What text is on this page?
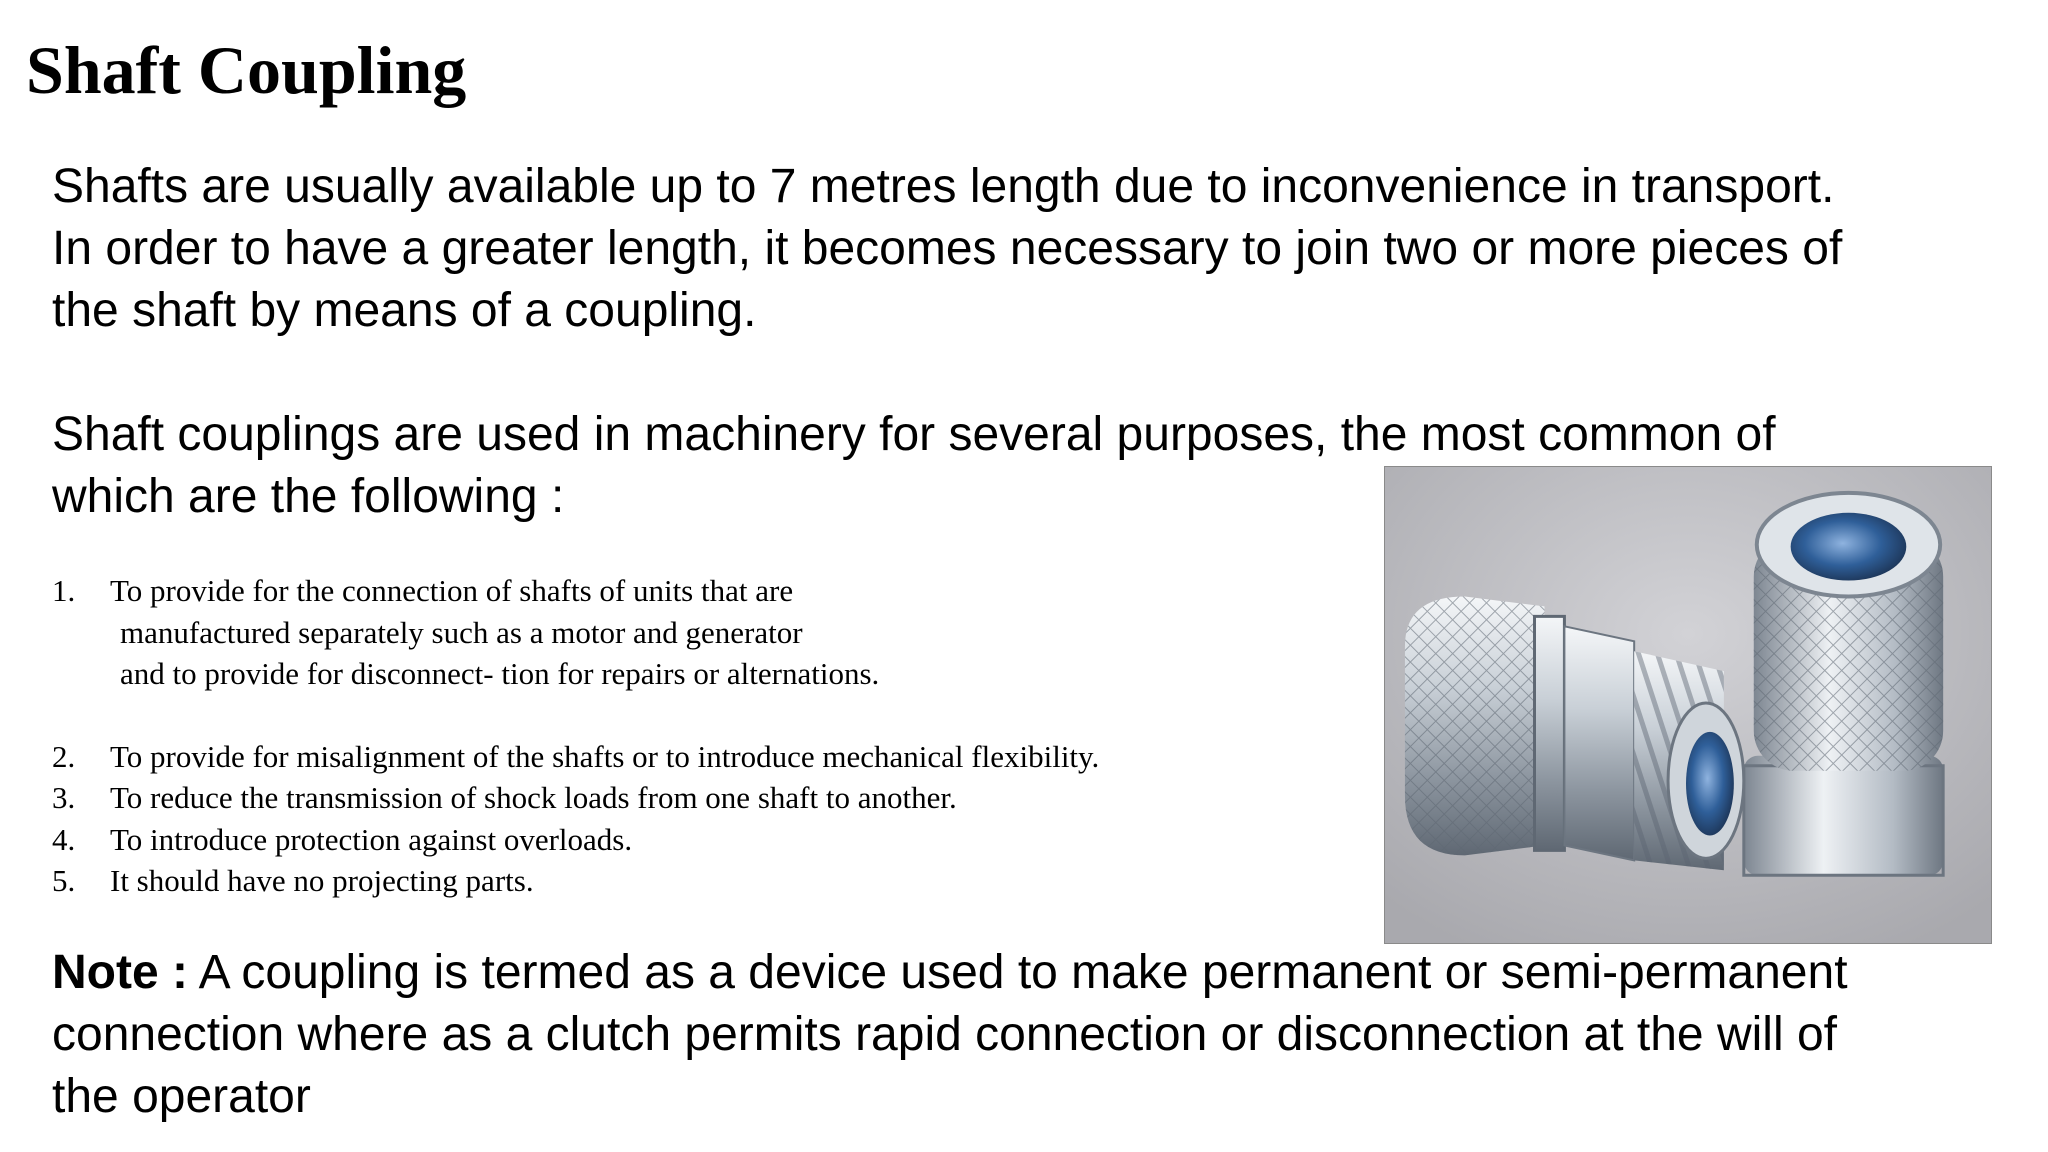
Shaft Coupling

Shafts are usually available up to 7 metres length due to inconvenience in transport.
In order to have a greater length, it becomes necessary to join two or more pieces of
the shaft by means of a coupling.

Shaft couplings are used in machinery for several purposes, the most common of
which are the following :

1. To provide for the connection of shafts of units that are
manufactured separately such as a motor and generator
and to provide for disconnect- tion for repairs or alternations.
2. To provide for misalignment of the shafts or to introduce mechanical flexibility.
3. To reduce the transmission of shock loads from one shaft to another.
4. To introduce protection against overloads.
5. It should have no projecting parts.

Note : A coupling is termed as a device used to make permanent or semi-permanent
connection where as a clutch permits rapid connection or disconnection at the will of
the operator
